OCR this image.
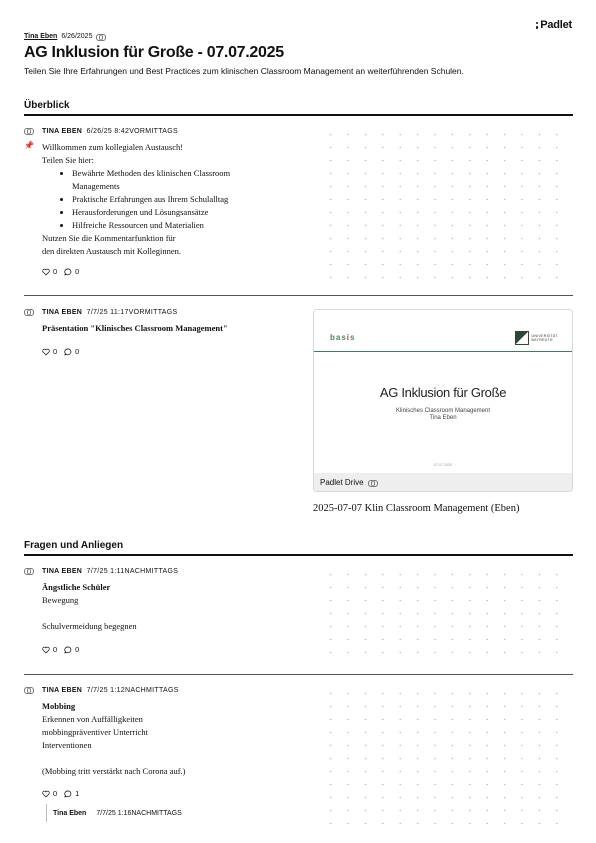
Padlet
Tina Eben 6/26/2025
AG Inklusion für Große - 07.07.2025
Teilen Sie Ihre Erfahrungen und Best Practices zum klinischen Classroom Management an weiterführenden Schulen.
Überblick
📌
TINA EBEN 6/26/25 8:42VORMITTAGS
Willkommen zum kollegialen Austausch!
Teilen Sie hier:
• Bewährte Methoden des klinischen Classroom Managements
• Praktische Erfahrungen aus Ihrem Schulalltag
• Herausforderungen und Lösungsansätze
• Hilfreiche Ressourcen und Materialien
Nutzen Sie die Kommentarfunktion für
den direkten Austausch mit Kolleginnen.
0 0
TINA EBEN 7/7/25 11:17VORMITTAGS
Präsentation "Klinisches Classroom Management"
0 0
basis	UNIVERSITÄT
BAYREUTH
AG Inklusion für Große
Klinisches Classroom Management
Tina Eben
07.07.2025
Padlet Drive
2025-07-07 Klin Classroom Management (Eben)
Fragen und Anliegen
TINA EBEN 7/7/25 1:11NACHMITTAGS
Ängstliche Schüler
Bewegung

Schulvermeidung begegnen
0 0
TINA EBEN 7/7/25 1:12NACHMITTAGS
Mobbing
Erkennen von Auffälligkeiten
mobbingpräventiver Unterricht
Interventionen

(Mobbing tritt verstärkt nach Corona auf.)
0 1
Tina Eben 7/7/25 1:16NACHMITTAGS
